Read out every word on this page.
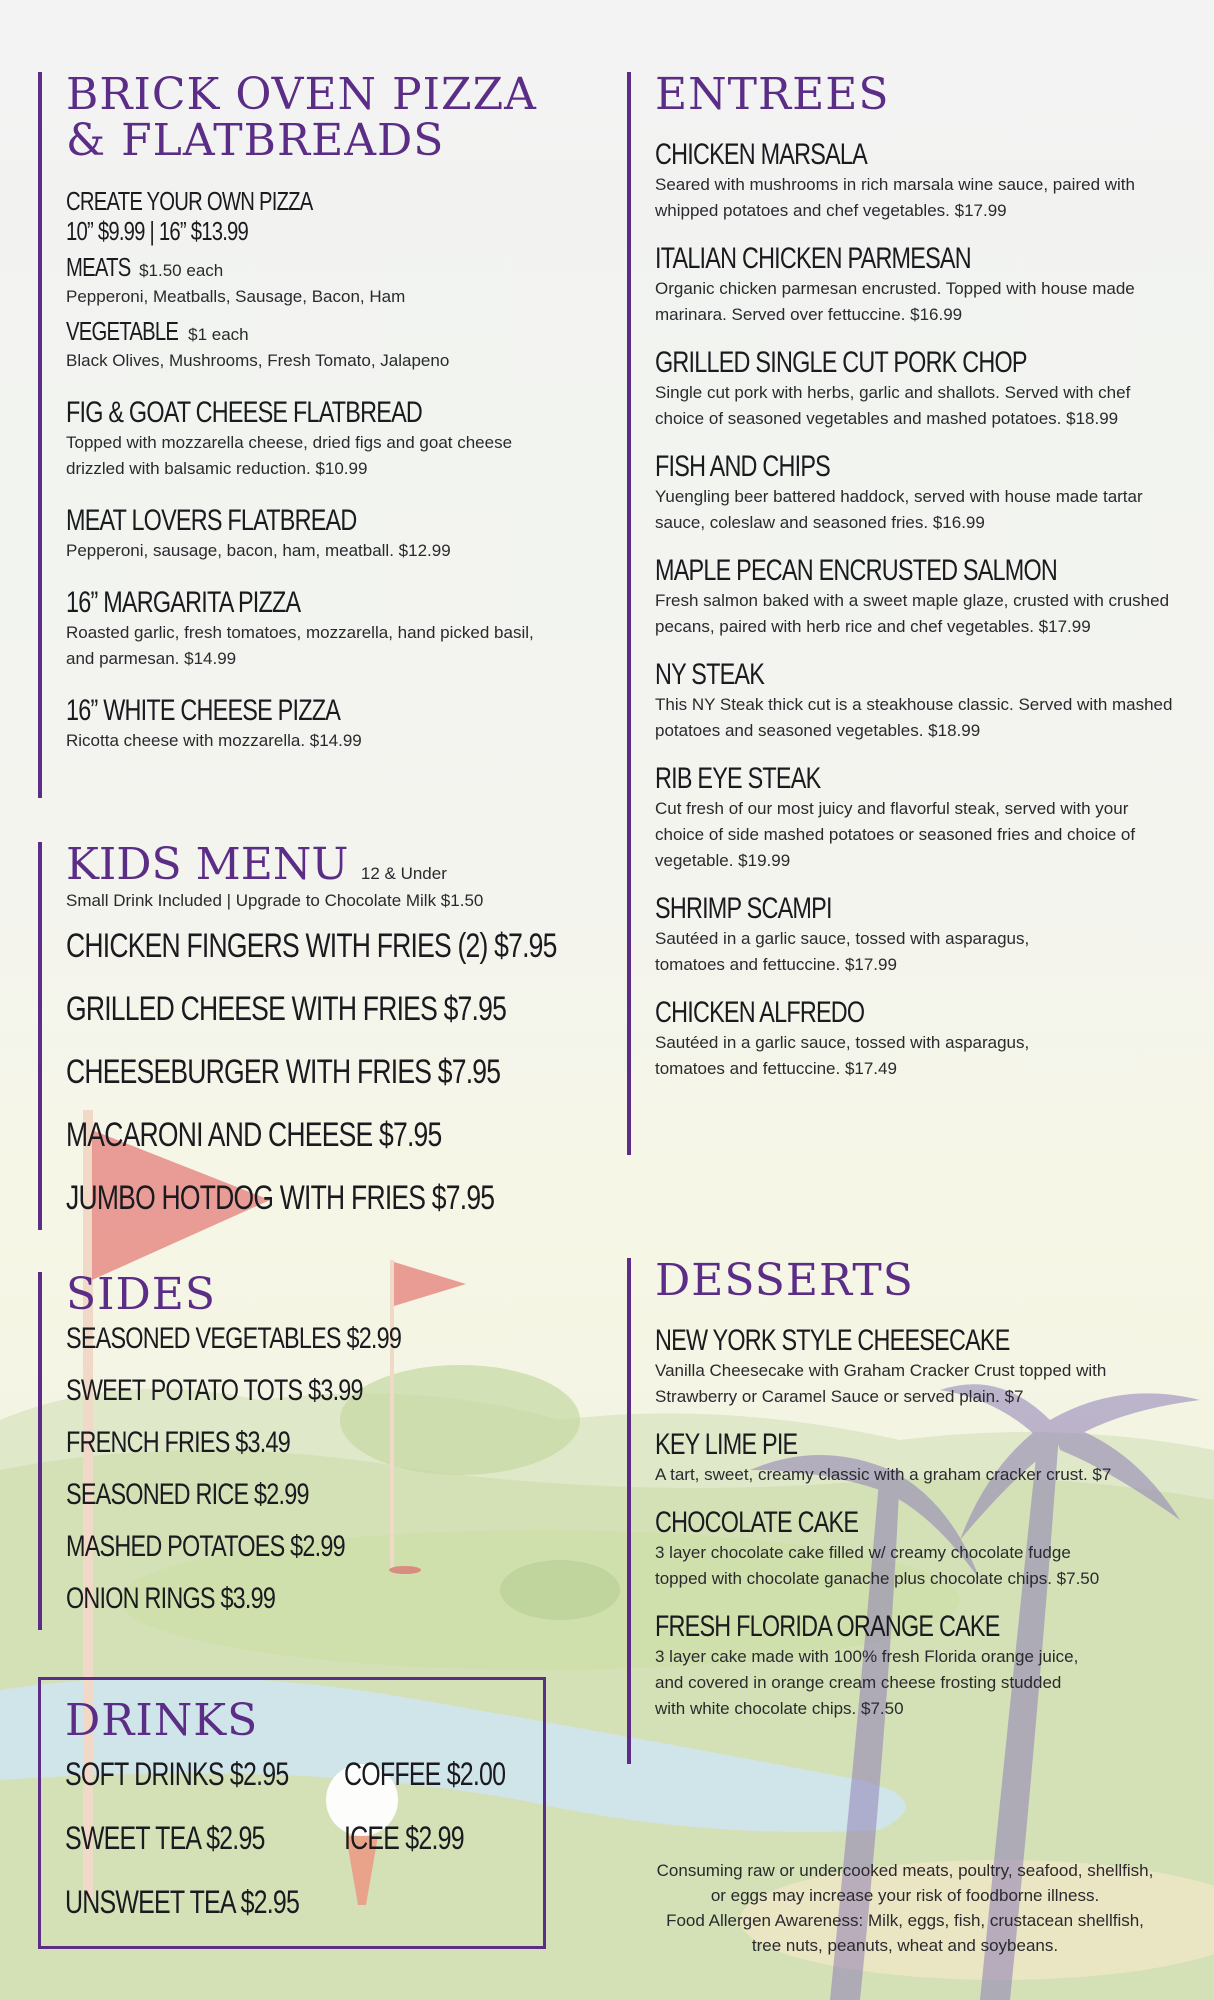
BRICK OVEN PIZZA
& FLATBREADS
CREATE YOUR OWN PIZZA
10” $9.99 | 16” $13.99
MEATS $1.50 each
Pepperoni, Meatballs, Sausage, Bacon, Ham
VEGETABLE $1 each
Black Olives, Mushrooms, Fresh Tomato, Jalapeno
FIG & GOAT CHEESE FLATBREAD
Topped with mozzarella cheese, dried figs and goat cheese drizzled with balsamic reduction. $10.99
MEAT LOVERS FLATBREAD
Pepperoni, sausage, bacon, ham, meatball. $12.99
16” MARGARITA PIZZA
Roasted garlic, fresh tomatoes, mozzarella, hand picked basil, and parmesan. $14.99
16” WHITE CHEESE PIZZA
Ricotta cheese with mozzarella. $14.99
KIDS MENU 12 & Under
Small Drink Included | Upgrade to Chocolate Milk $1.50
CHICKEN FINGERS WITH FRIES (2) $7.95
GRILLED CHEESE WITH FRIES $7.95
CHEESEBURGER WITH FRIES $7.95
MACARONI AND CHEESE $7.95
JUMBO HOTDOG WITH FRIES $7.95
SIDES
SEASONED VEGETABLES $2.99
SWEET POTATO TOTS $3.99
FRENCH FRIES $3.49
SEASONED RICE $2.99
MASHED POTATOES $2.99
ONION RINGS $3.99
DRINKS
SOFT DRINKS $2.95 COFFEE $2.00
SWEET TEA $2.95 ICEE $2.99
UNSWEET TEA $2.95
ENTREES
CHICKEN MARSALA
Seared with mushrooms in rich marsala wine sauce, paired with whipped potatoes and chef vegetables. $17.99
ITALIAN CHICKEN PARMESAN
Organic chicken parmesan encrusted. Topped with house made marinara. Served over fettuccine. $16.99
GRILLED SINGLE CUT PORK CHOP
Single cut pork with herbs, garlic and shallots. Served with chef choice of seasoned vegetables and mashed potatoes. $18.99
FISH AND CHIPS
Yuengling beer battered haddock, served with house made tartar sauce, coleslaw and seasoned fries. $16.99
MAPLE PECAN ENCRUSTED SALMON
Fresh salmon baked with a sweet maple glaze, crusted with crushed pecans, paired with herb rice and chef vegetables. $17.99
NY STEAK
This NY Steak thick cut is a steakhouse classic. Served with mashed potatoes and seasoned vegetables. $18.99
RIB EYE STEAK
Cut fresh of our most juicy and flavorful steak, served with your choice of side mashed potatoes or seasoned fries and choice of vegetable. $19.99
SHRIMP SCAMPI
Sautéed in a garlic sauce, tossed with asparagus, tomatoes and fettuccine. $17.99
CHICKEN ALFREDO
Sautéed in a garlic sauce, tossed with asparagus, tomatoes and fettuccine. $17.49
DESSERTS
NEW YORK STYLE CHEESECAKE
Vanilla Cheesecake with Graham Cracker Crust topped with Strawberry or Caramel Sauce or served plain. $7
KEY LIME PIE
A tart, sweet, creamy classic with a graham cracker crust. $7
CHOCOLATE CAKE
3 layer chocolate cake filled w/ creamy chocolate fudge topped with chocolate ganache plus chocolate chips. $7.50
FRESH FLORIDA ORANGE CAKE
3 layer cake made with 100% fresh Florida orange juice, and covered in orange cream cheese frosting studded with white chocolate chips. $7.50
Consuming raw or undercooked meats, poultry, seafood, shellfish,
or eggs may increase your risk of foodborne illness.
Food Allergen Awareness: Milk, eggs, fish, crustacean shellfish,
tree nuts, peanuts, wheat and soybeans.
